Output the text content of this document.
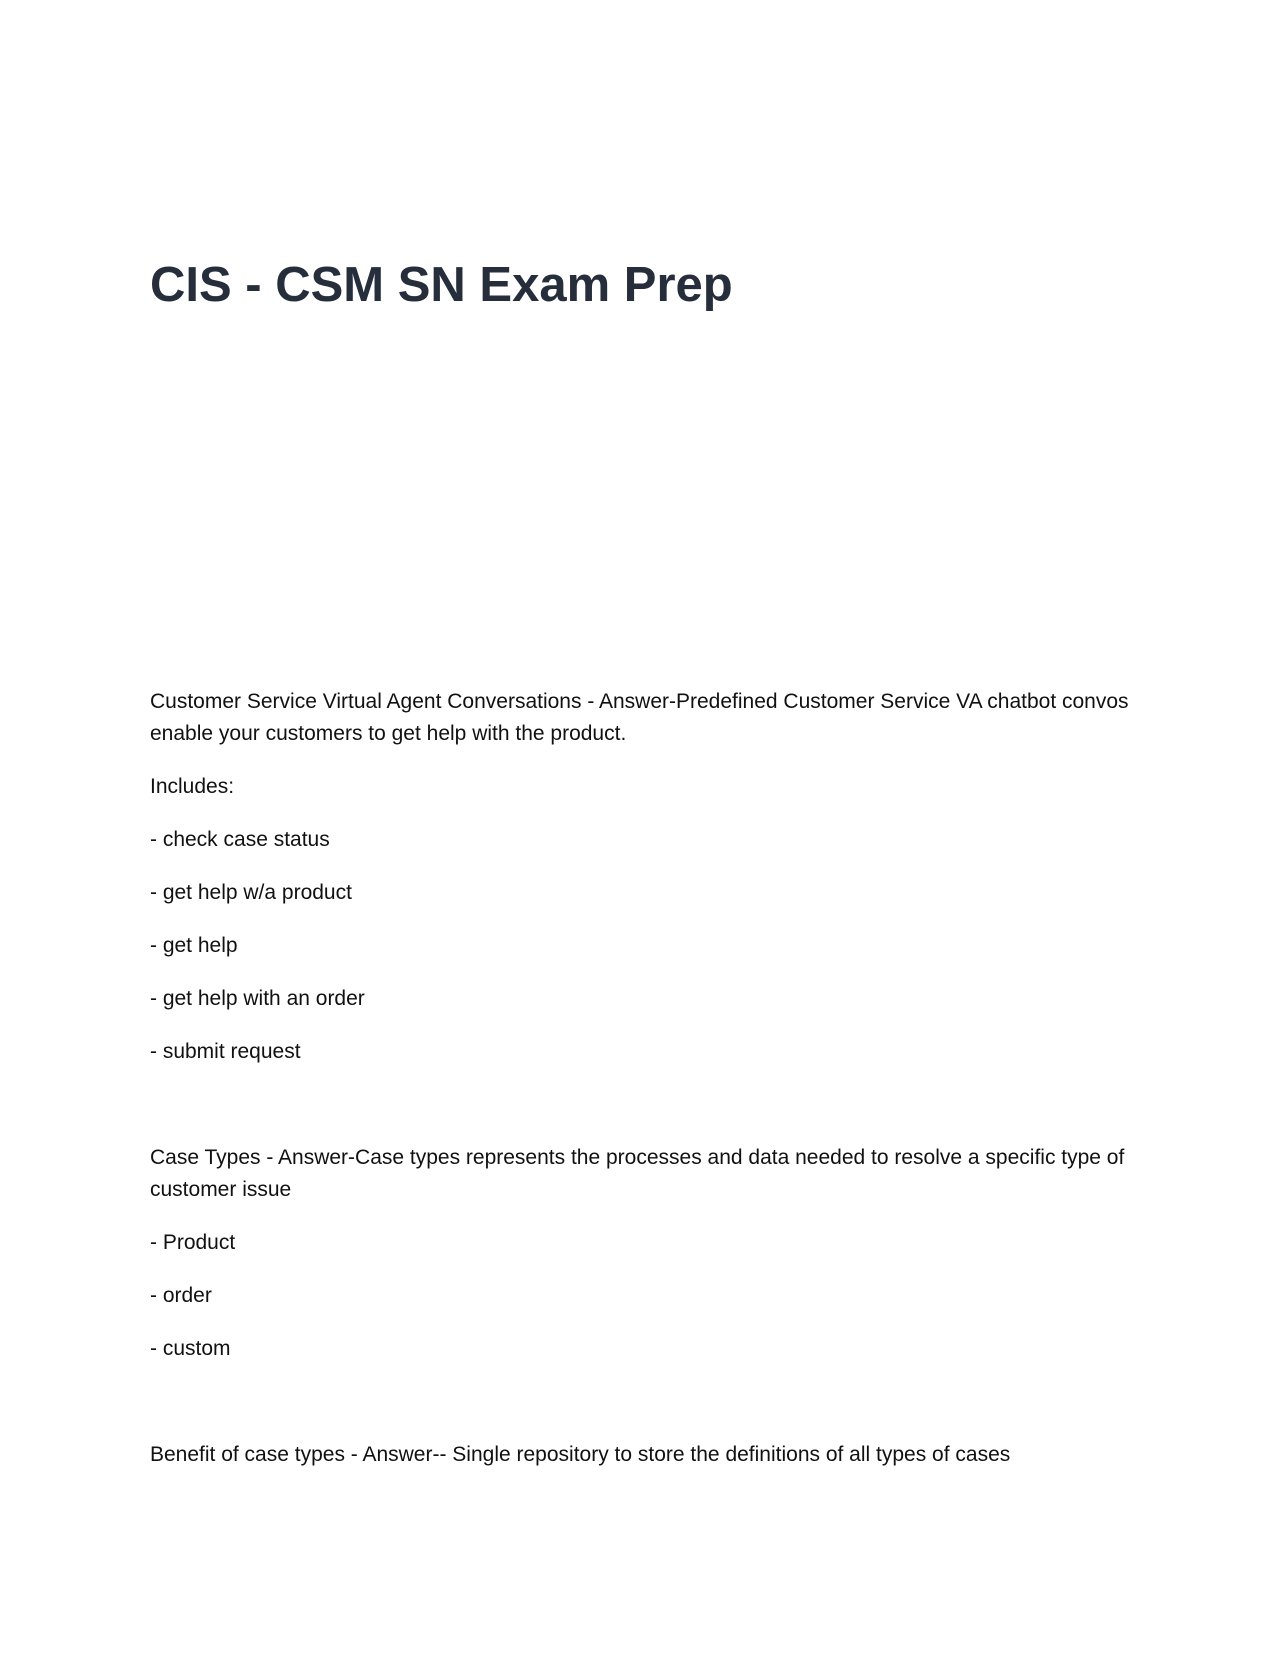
CIS - CSM SN Exam Prep

Customer Service Virtual Agent Conversations - Answer-Predefined Customer Service VA chatbot convos enable your customers to get help with the product.

Includes:

- check case status

- get help w/a product

- get help

- get help with an order

- submit request

Case Types - Answer-Case types represents the processes and data needed to resolve a specific type of customer issue

- Product

- order

- custom

Benefit of case types - Answer-- Single repository to store the definitions of all types of cases
